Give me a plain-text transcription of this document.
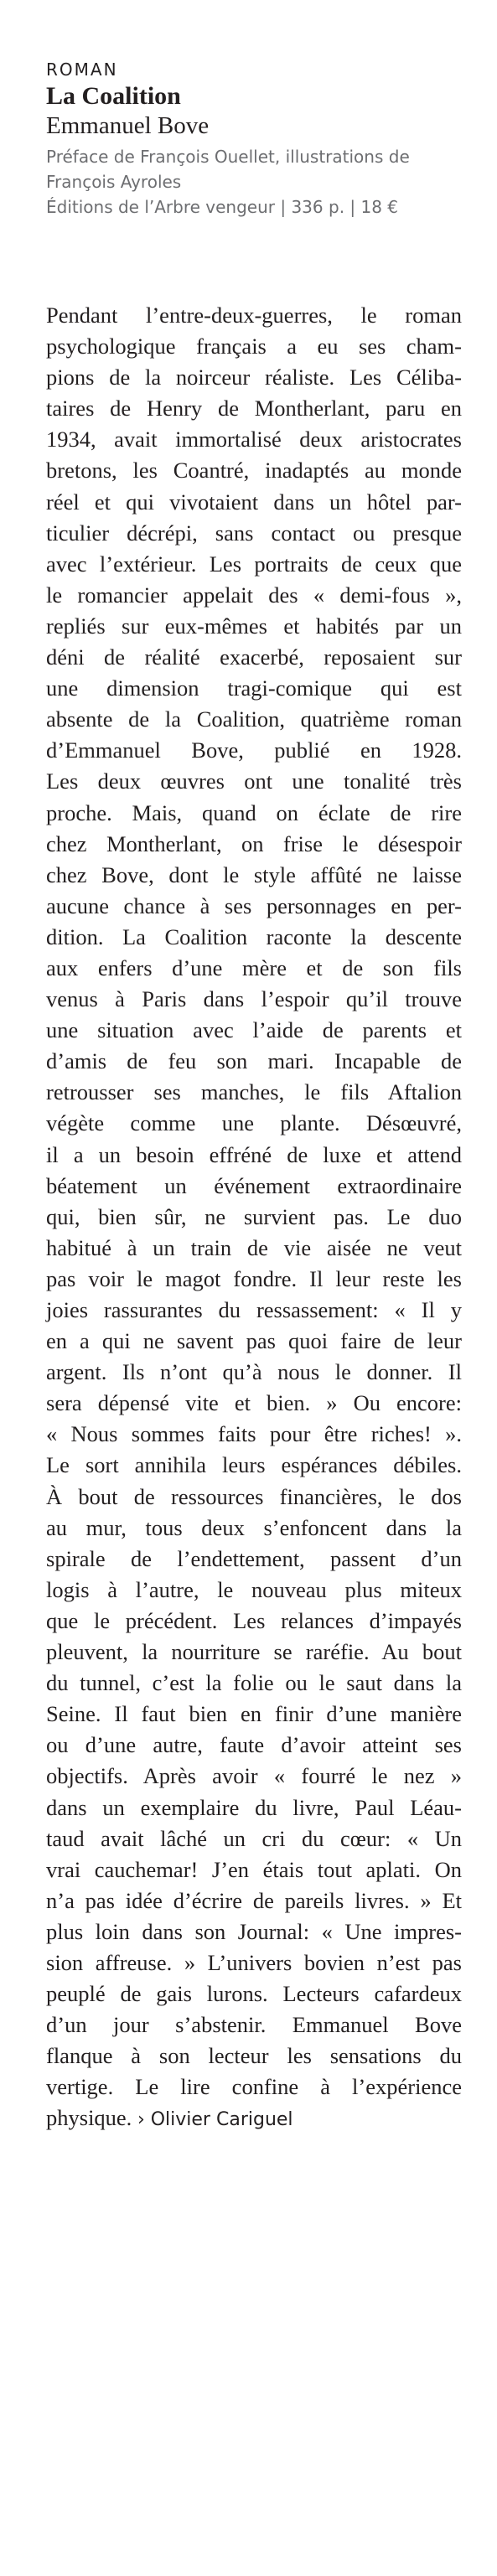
ROMAN
La Coalition
Emmanuel Bove
Préface de François Ouellet, illustrations de
François Ayroles
Éditions de l’Arbre vengeur | 336 p. | 18 €
Pendant l’entre-deux-guerres, le roman
psychologique français a eu ses cham-
pions de la noirceur réaliste. Les Céliba-
taires de Henry de Montherlant, paru en
1934, avait immortalisé deux aristocrates
bretons, les Coantré, inadaptés au monde
réel et qui vivotaient dans un hôtel par-
ticulier décrépi, sans contact ou presque
avec l’extérieur. Les portraits de ceux que
le romancier appelait des « demi-fous »,
repliés sur eux-mêmes et habités par un
déni de réalité exacerbé, reposaient sur
une dimension tragi-comique qui est
absente de la Coalition, quatrième roman
d’Emmanuel Bove, publié en 1928.
Les deux œuvres ont une tonalité très
proche. Mais, quand on éclate de rire
chez Montherlant, on frise le désespoir
chez Bove, dont le style affûté ne laisse
aucune chance à ses personnages en per-
dition. La Coalition raconte la descente
aux enfers d’une mère et de son fils
venus à Paris dans l’espoir qu’il trouve
une situation avec l’aide de parents et
d’amis de feu son mari. Incapable de
retrousser ses manches, le fils Aftalion
végète comme une plante. Désœuvré,
il a un besoin effréné de luxe et attend
béatement un événement extraordinaire
qui, bien sûr, ne survient pas. Le duo
habitué à un train de vie aisée ne veut
pas voir le magot fondre. Il leur reste les
joies rassurantes du ressassement: « Il y
en a qui ne savent pas quoi faire de leur
argent. Ils n’ont qu’à nous le donner. Il
sera dépensé vite et bien. » Ou encore:
« Nous sommes faits pour être riches! ».
Le sort annihila leurs espérances débiles.
À bout de ressources financières, le dos
au mur, tous deux s’enfoncent dans la
spirale de l’endettement, passent d’un
logis à l’autre, le nouveau plus miteux
que le précédent. Les relances d’impayés
pleuvent, la nourriture se raréfie. Au bout
du tunnel, c’est la folie ou le saut dans la
Seine. Il faut bien en finir d’une manière
ou d’une autre, faute d’avoir atteint ses
objectifs. Après avoir « fourré le nez »
dans un exemplaire du livre, Paul Léau-
taud avait lâché un cri du cœur: « Un
vrai cauchemar! J’en étais tout aplati. On
n’a pas idée d’écrire de pareils livres. » Et
plus loin dans son Journal: « Une impres-
sion affreuse. » L’univers bovien n’est pas
peuplé de gais lurons. Lecteurs cafardeux
d’un jour s’abstenir. Emmanuel Bove
flanque à son lecteur les sensations du
vertige. Le lire confine à l’expérience
physique. › Olivier Cariguel
